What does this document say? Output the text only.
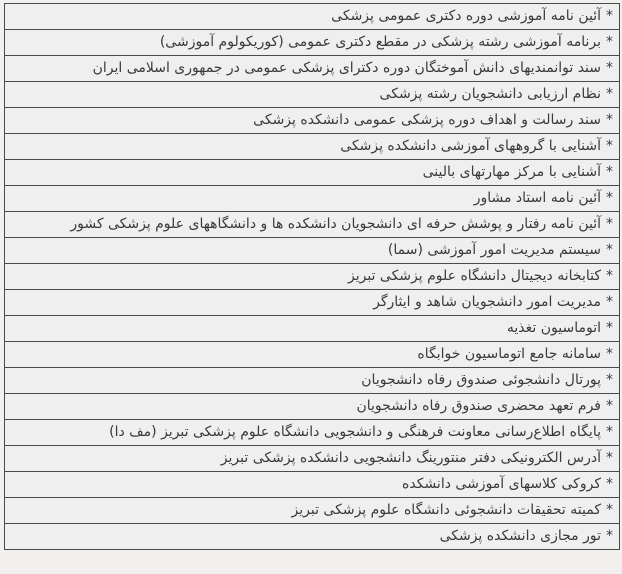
*آئین نامه آموزشی دوره دکتری عمومی پزشکی
*برنامه آموزشی رشته پزشکی در مقطع دکتری عمومی (کوریکولوم آموزشی)
*سند توانمندیهای دانش آموختگان دوره دکترای پزشکی عمومی در جمهوری اسلامی ایران
*نظام ارزیابی دانشجویان رشته پزشکی
*سند رسالت و اهداف دوره پزشکی عمومی دانشکده پزشکی
*آشنایی با گروههای آموزشی دانشکده پزشکی
*آشنایی با مرکز مهارتهای بالینی
*آئین نامه استاد مشاور
*آئین نامه رفتار و پوشش حرفه ای دانشجویان دانشکده ها و دانشگاههای علوم پزشکی کشور
*سیستم مدیریت امور آموزشی (سما)
*کتابخانه دیجیتال دانشگاه علوم پزشکی تبریز
*مدیریت امور دانشجویان شاهد و ایثارگر
*اتوماسیون تغذیه
*سامانه جامع اتوماسیون خوابگاه
*پورتال دانشجوئی صندوق رفاه دانشجویان
*فرم تعهد محضری صندوق رفاه دانشجویان
*پایگاه اطلاع‌رسانی معاونت فرهنگی و دانشجویی دانشگاه علوم پزشکی تبریز (مف دا)
*آدرس الکترونیکی دفتر منتورینگ دانشجویی دانشکده پزشکی تبریز
*کروکی کلاسهای آموزشی دانشکده
*کمیته تحقیقات دانشجوئی دانشگاه علوم پزشکی تبریز
*تور مجازی دانشکده پزشکی
